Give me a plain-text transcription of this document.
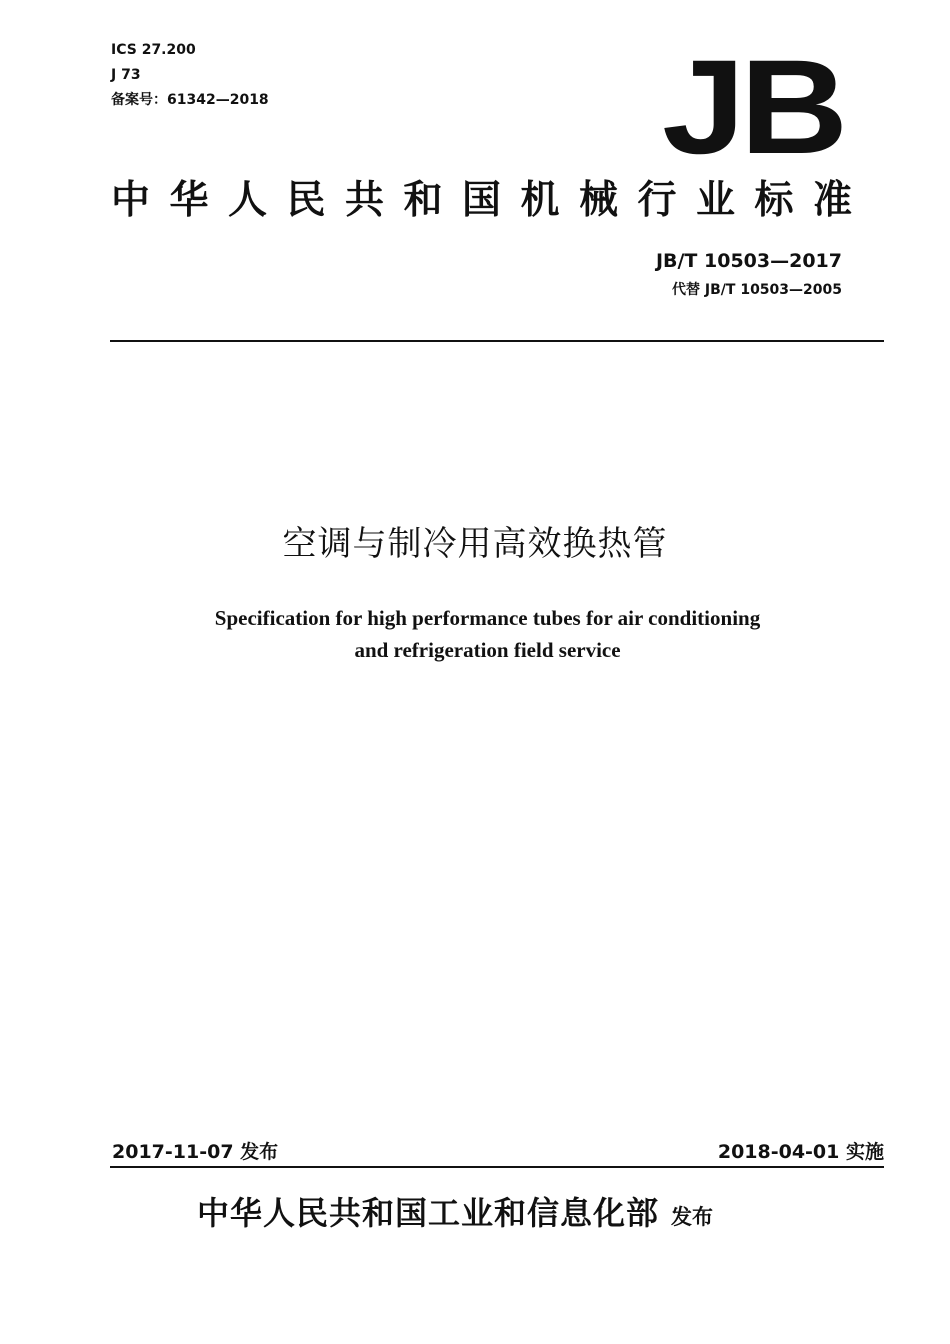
ICS 27.200
J 73
备案号：61342—2018	JB
中华人民共和国机械行业标准
JB/T 10503—2017
代替 JB/T 10503—2005
空调与制冷用高效换热管
Specification for high performance tubes for air conditioning
and refrigeration field service
2017-11-07 发布	2018-04-01 实施
中华人民共和国工业和信息化部 发布
